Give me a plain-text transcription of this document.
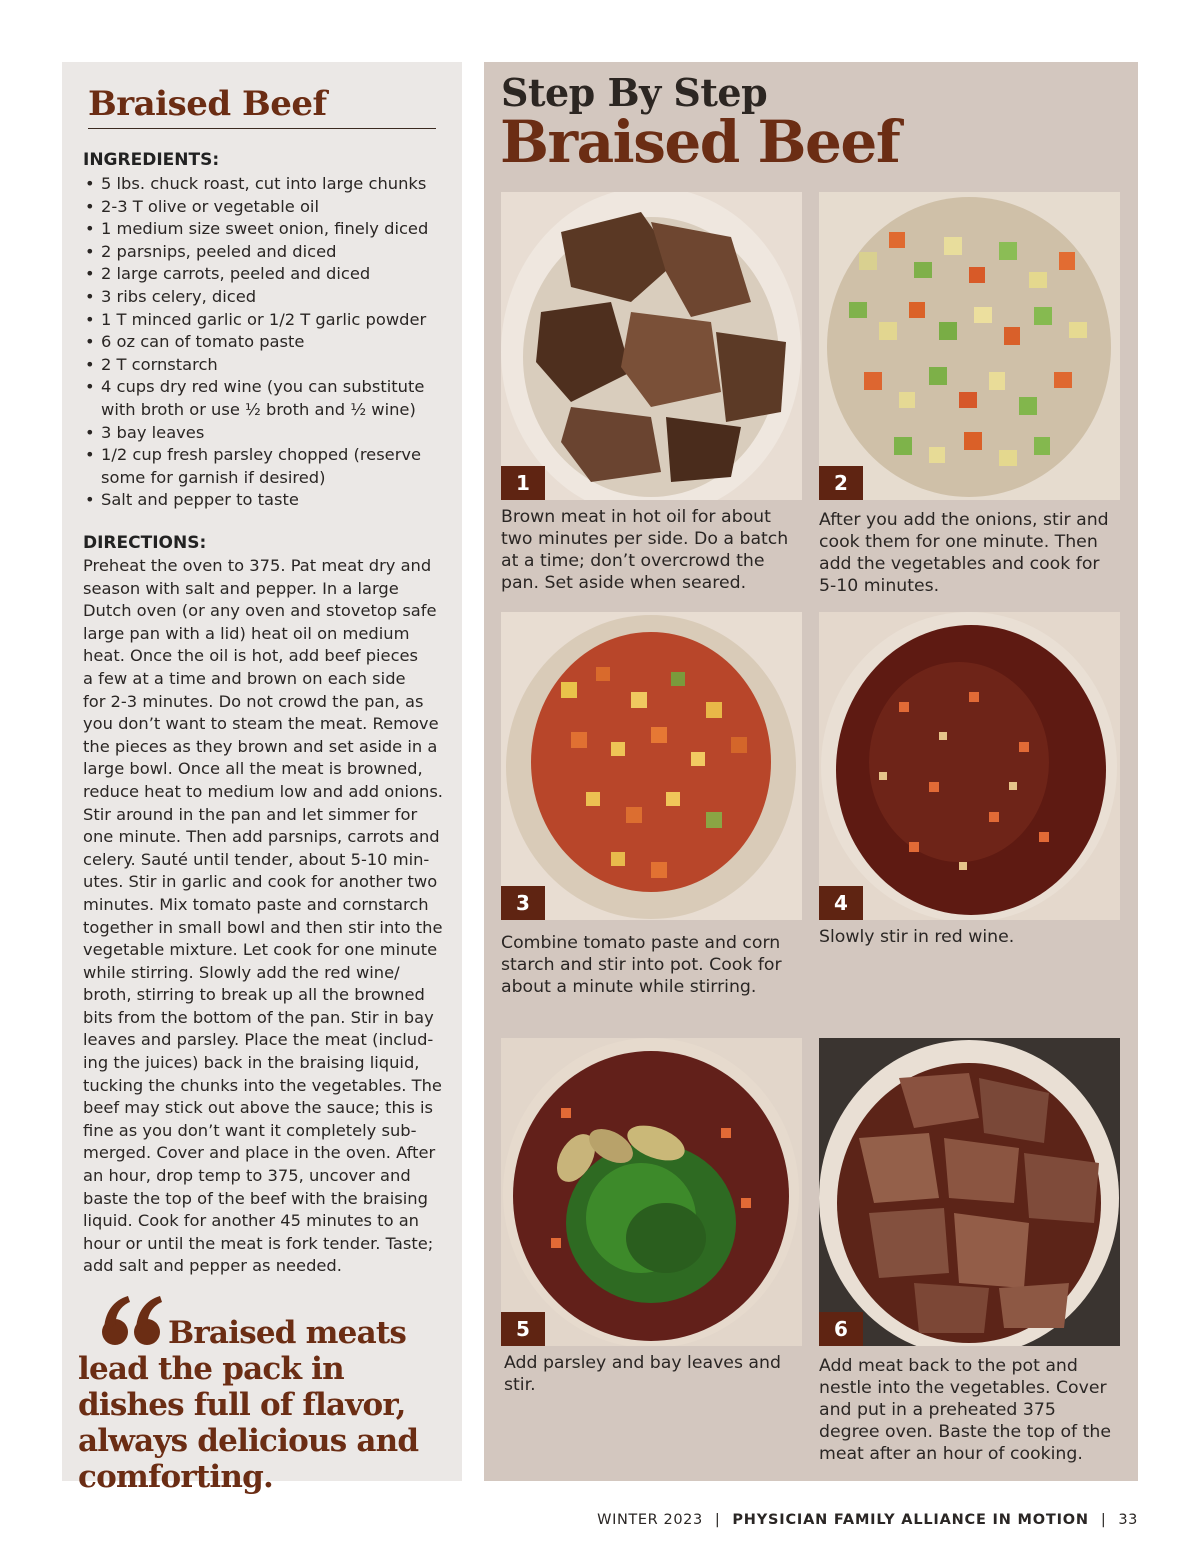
Braised Beef
INGREDIENTS:
• 5 lbs. chuck roast, cut into large chunks
• 2-3 T olive or vegetable oil
• 1 medium size sweet onion, finely diced
• 2 parsnips, peeled and diced
• 2 large carrots, peeled and diced
• 3 ribs celery, diced
• 1 T minced garlic or 1/2 T garlic powder
• 6 oz can of tomato paste
• 2 T cornstarch
• 4 cups dry red wine (you can substitute with broth or use ½ broth and ½ wine)
• 3 bay leaves
• 1/2 cup fresh parsley chopped (reserve some for garnish if desired)
• Salt and pepper to taste
DIRECTIONS:
Preheat the oven to 375. Pat meat dry and
season with salt and pepper. In a large
Dutch oven (or any oven and stovetop safe
large pan with a lid) heat oil on medium
heat. Once the oil is hot, add beef pieces
a few at a time and brown on each side
for 2-3 minutes. Do not crowd the pan, as
you don’t want to steam the meat. Remove
the pieces as they brown and set aside in a
large bowl. Once all the meat is browned,
reduce heat to medium low and add onions.
Stir around in the pan and let simmer for
one minute. Then add parsnips, carrots and
celery. Sauté until tender, about 5-10 min-
utes. Stir in garlic and cook for another two
minutes. Mix tomato paste and cornstarch
together in small bowl and then stir into the
vegetable mixture. Let cook for one minute
while stirring. Slowly add the red wine/
broth, stirring to break up all the browned
bits from the bottom of the pan. Stir in bay
leaves and parsley. Place the meat (includ-
ing the juices) back in the braising liquid,
tucking the chunks into the vegetables. The
beef may stick out above the sauce; this is
fine as you don’t want it completely sub-
merged. Cover and place in the oven. After
an hour, drop temp to 375, uncover and
baste the top of the beef with the braising
liquid. Cook for another 45 minutes to an
hour or until the meat is fork tender. Taste;
add salt and pepper as needed.
Braised meats lead the pack in dishes full of flavor, always delicious and comforting.
Step By Step
Braised Beef
1
Brown meat in hot oil for about two minutes per side. Do a batch at a time; don’t overcrowd the pan. Set aside when seared.
2
After you add the onions, stir and cook them for one minute. Then add the vegetables and cook for 5-10 minutes.
3
Combine tomato paste and corn starch and stir into pot. Cook for about a minute while stirring.
4
Slowly stir in red wine.
5
Add parsley and bay leaves and stir.
6
Add meat back to the pot and nestle into the vegetables. Cover and put in a preheated 375 degree oven. Baste the top of the meat after an hour of cooking.
WINTER 2023 | PHYSICIAN FAMILY ALLIANCE IN MOTION | 33
